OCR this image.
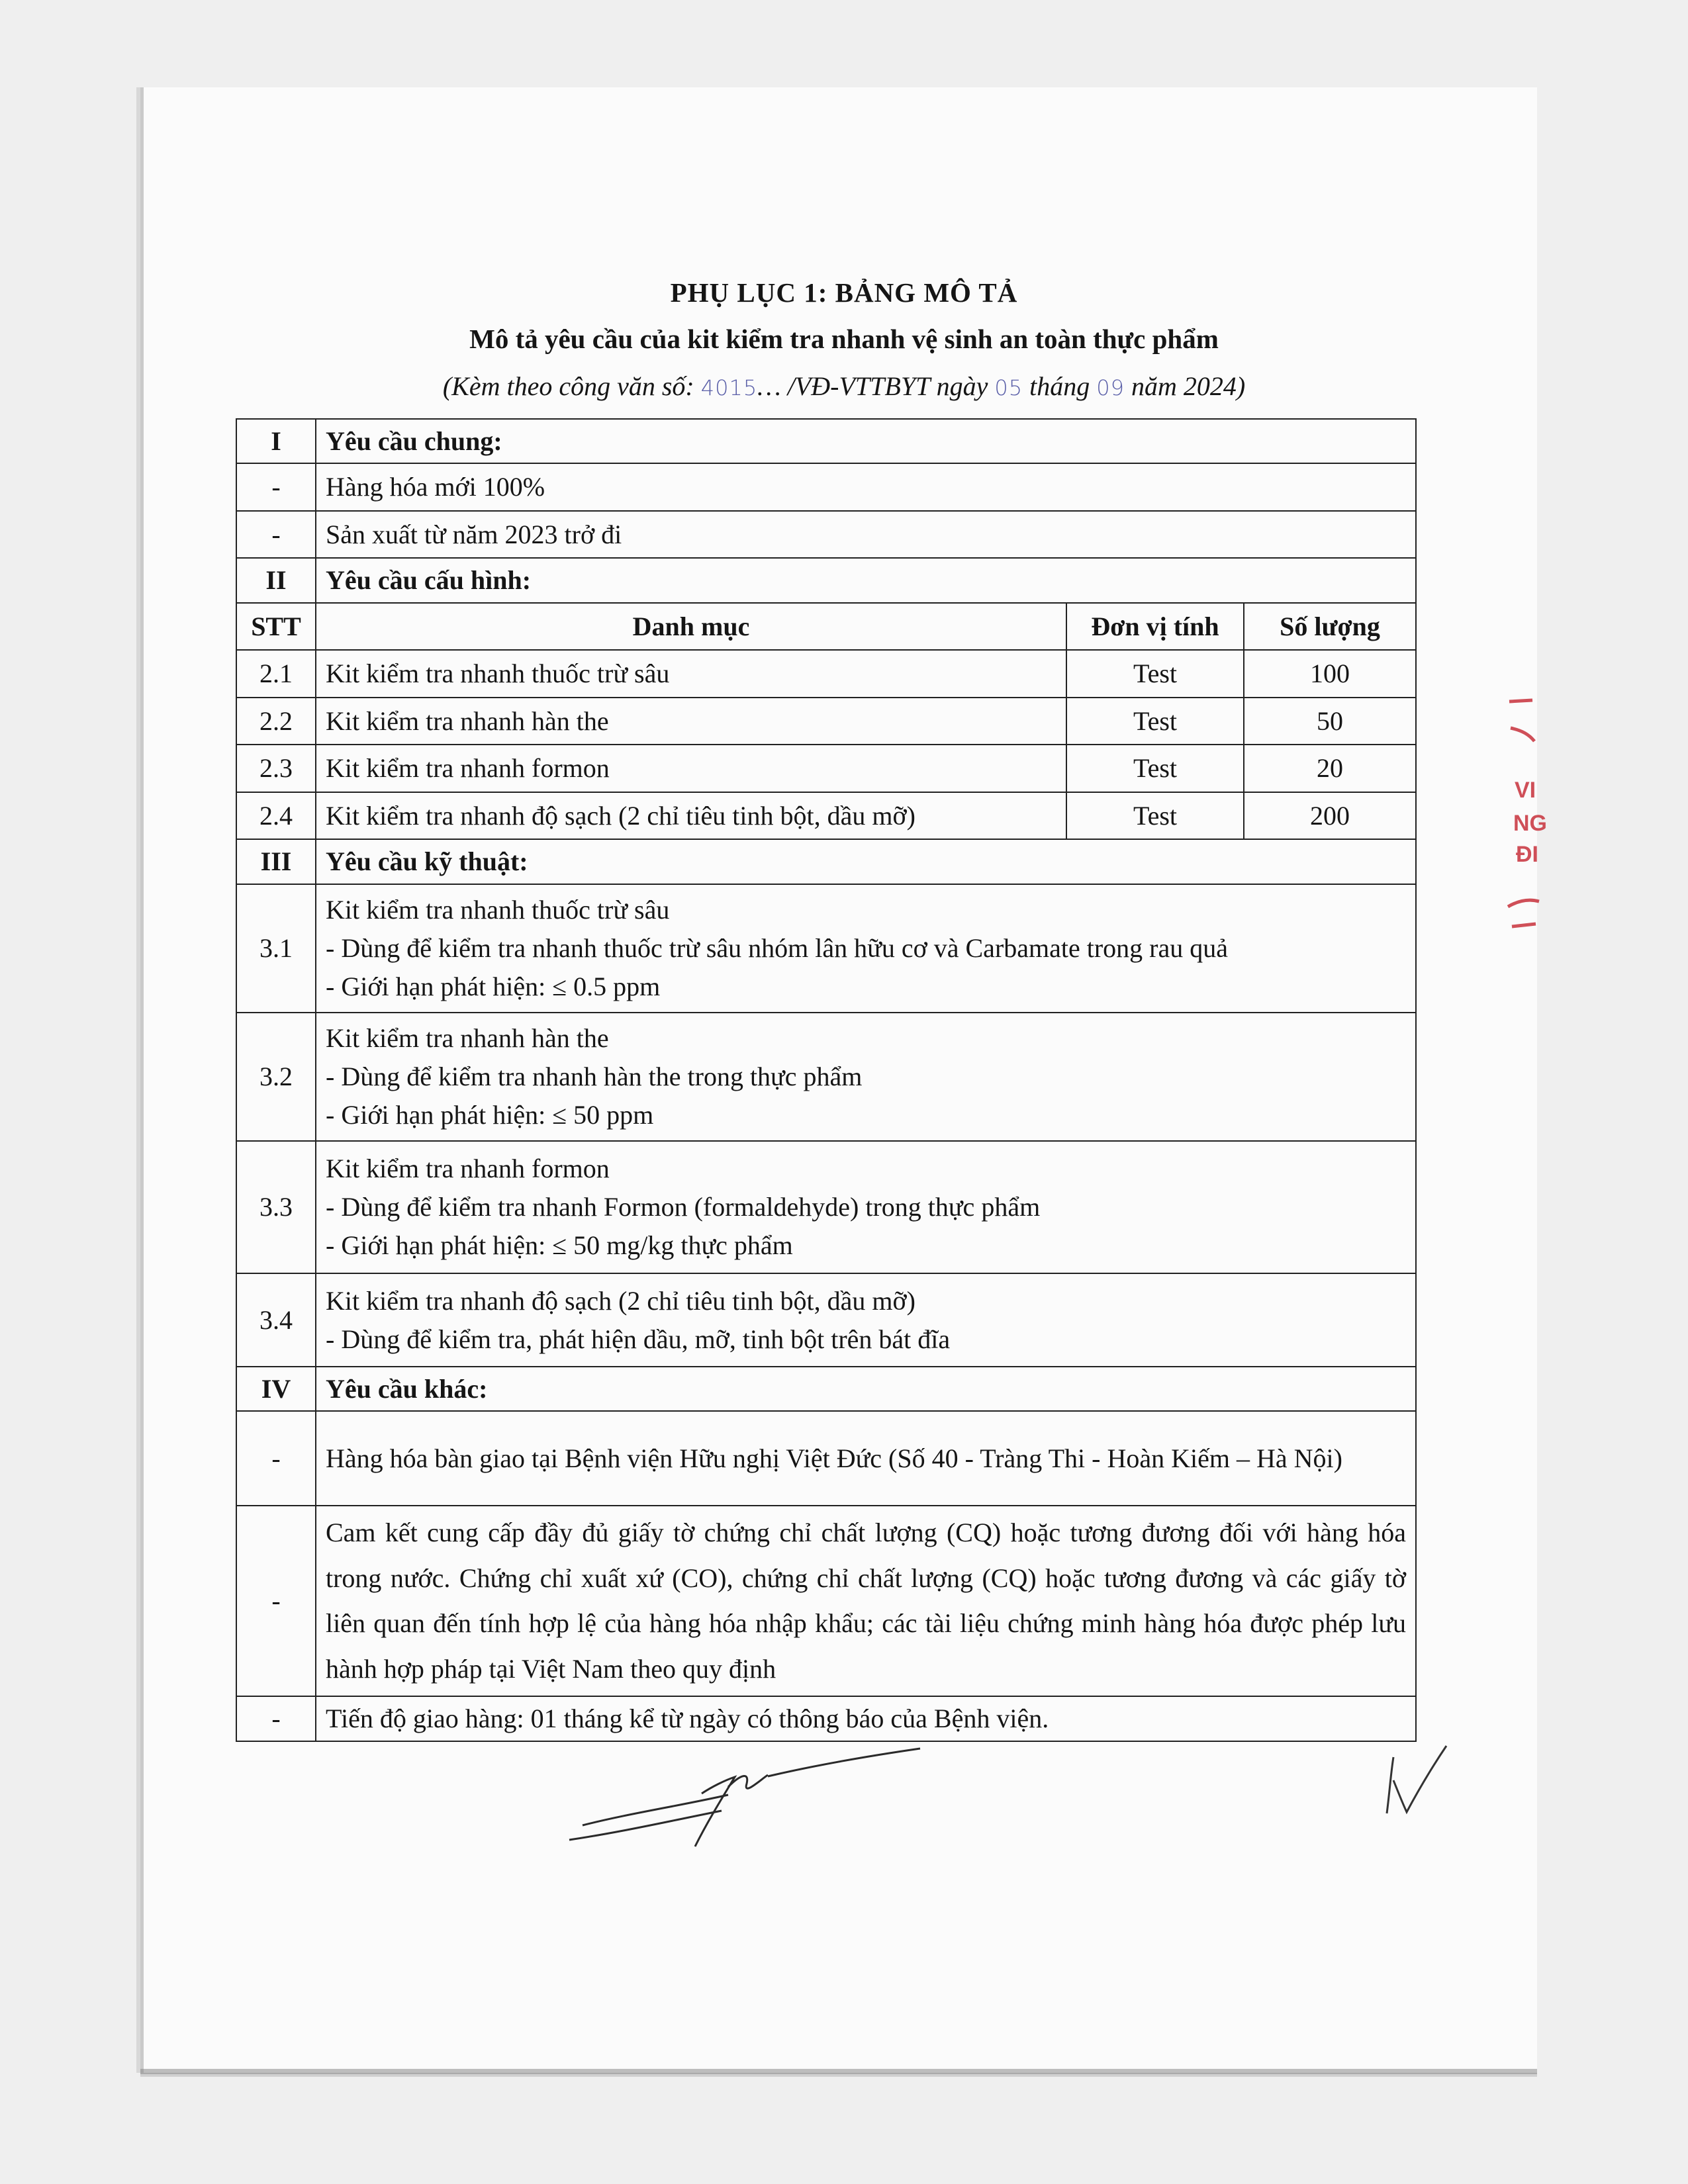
PHỤ LỤC 1: BẢNG MÔ TẢ
Mô tả yêu cầu của kit kiểm tra nhanh vệ sinh an toàn thực phẩm
(Kèm theo công văn số: 4015… /VĐ-VTTBYT ngày 05 tháng 09 năm 2024)
I	Yêu cầu chung:		
-	Hàng hóa mới 100%		
-	Sản xuất từ năm 2023 trở đi		
II	Yêu cầu cấu hình:		
STT	Danh mục	Đơn vị tính	Số lượng
2.1	Kit kiểm tra nhanh thuốc trừ sâu	Test	100
2.2	Kit kiểm tra nhanh hàn the	Test	50
2.3	Kit kiểm tra nhanh formon	Test	20
2.4	Kit kiểm tra nhanh độ sạch (2 chỉ tiêu tinh bột, dầu mỡ)	Test	200
III	Yêu cầu kỹ thuật:		
3.1	Kit kiểm tra nhanh thuốc trừ sâu
- Dùng để kiểm tra nhanh thuốc trừ sâu nhóm lân hữu cơ và Carbamate trong rau quả
- Giới hạn phát hiện: ≤ 0.5 ppm		

3.2	Kit kiểm tra nhanh hàn the
- Dùng để kiểm tra nhanh hàn the trong thực phẩm
- Giới hạn phát hiện: ≤ 50 ppm		

3.3	Kit kiểm tra nhanh formon
- Dùng để kiểm tra nhanh Formon (formaldehyde) trong thực phẩm
- Giới hạn phát hiện: ≤ 50 mg/kg thực phẩm		

3.4	Kit kiểm tra nhanh độ sạch (2 chỉ tiêu tinh bột, dầu mỡ)
- Dùng để kiểm tra, phát hiện dầu, mỡ, tinh bột trên bát đĩa		

IV	Yêu cầu khác:		
-	Hàng hóa bàn giao tại Bệnh viện Hữu nghị Việt Đức (Số 40 - Tràng Thi - Hoàn Kiếm – Hà Nội)		
-	Cam kết cung cấp đầy đủ giấy tờ chứng chỉ chất lượng (CQ) hoặc tương đương đối với hàng hóa trong nước. Chứng chỉ xuất xứ (CO), chứng chỉ chất lượng (CQ) hoặc tương đương và các giấy tờ liên quan đến tính hợp lệ của hàng hóa nhập khẩu; các tài liệu chứng minh hàng hóa được phép lưu hành hợp pháp tại Việt Nam theo quy định		
-	Tiến độ giao hàng: 01 tháng kể từ ngày có thông báo của Bệnh viện.		
VI
NG
ĐI
